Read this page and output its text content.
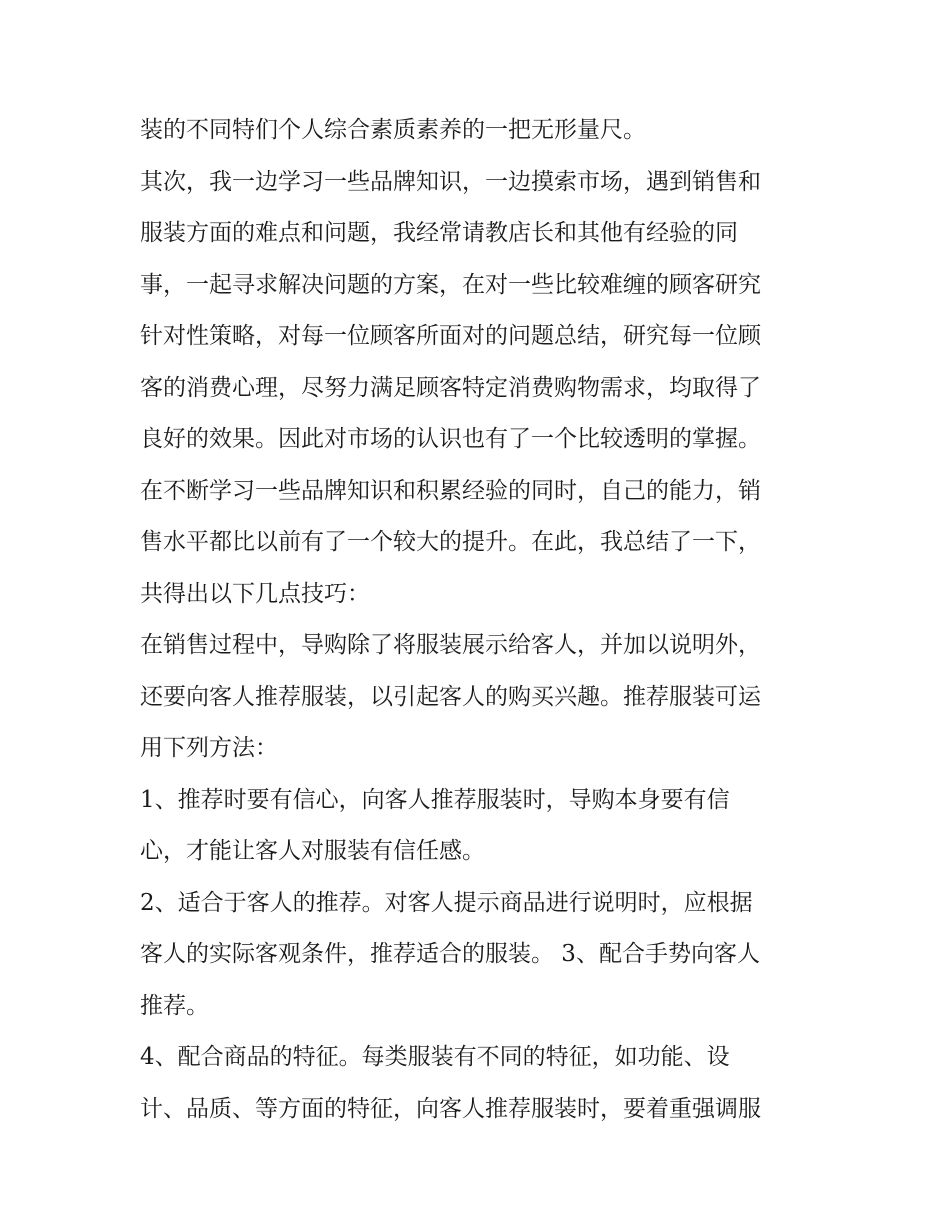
装的不同特们个人综合素质素养的一把无形量尺。

其次，我一边学习一些品牌知识，一边摸索市场，遇到销售和

服装方面的难点和问题，我经常请教店长和其他有经验的同

事，一起寻求解决问题的方案，在对一些比较难缠的顾客研究

针对性策略，对每一位顾客所面对的问题总结，研究每一位顾

客的消费心理，尽努力满足顾客特定消费购物需求，均取得了

良好的效果。因此对市场的认识也有了一个比较透明的掌握。

在不断学习一些品牌知识和积累经验的同时，自己的能力，销

售水平都比以前有了一个较大的提升。在此，我总结了一下，

共得出以下几点技巧：

在销售过程中，导购除了将服装展示给客人，并加以说明外，

还要向客人推荐服装，以引起客人的购买兴趣。推荐服装可运

用下列方法：

1、推荐时要有信心，向客人推荐服装时，导购本身要有信

心，才能让客人对服装有信任感。

2、适合于客人的推荐。对客人提示商品进行说明时，应根据

客人的实际客观条件，推荐适合的服装。 3、配合手势向客人

推荐。

4、配合商品的特征。每类服装有不同的特征，如功能、设

计、品质、等方面的特征，向客人推荐服装时，要着重强调服
